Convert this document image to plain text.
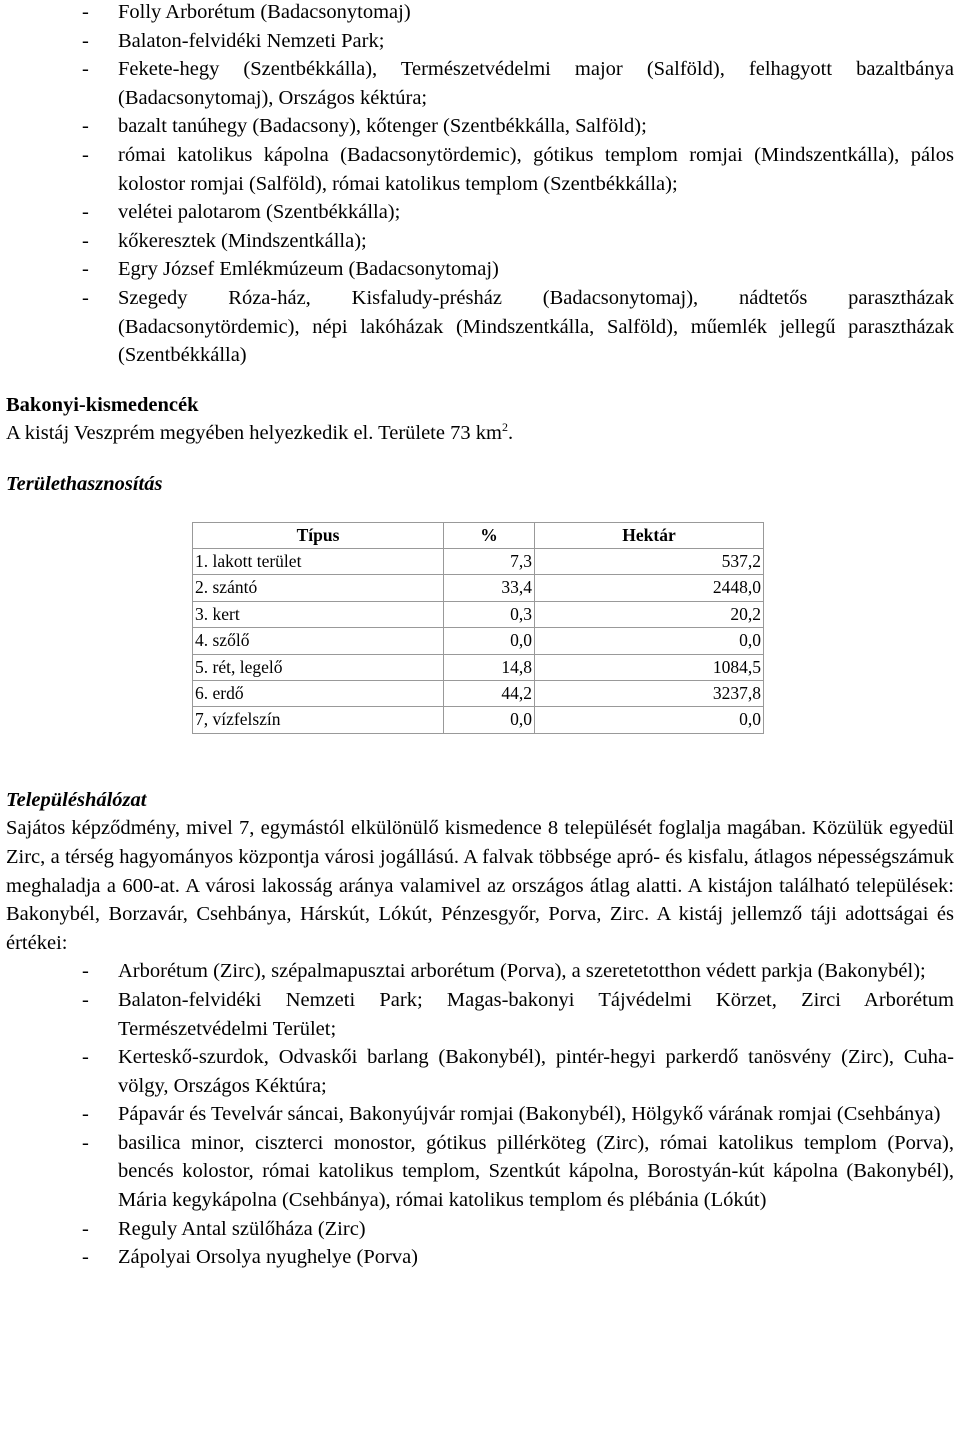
- Folly Arborétum (Badacsonytomaj)
- Balaton-felvidéki Nemzeti Park;
- Fekete-hegy (Szentbékkálla), Természetvédelmi major (Salföld), felhagyott bazaltbánya (Badacsonytomaj), Országos kéktúra;
- bazalt tanúhegy (Badacsony), kőtenger (Szentbékkálla, Salföld);
- római katolikus kápolna (Badacsonytördemic), gótikus templom romjai (Mindszentkálla), pálos kolostor romjai (Salföld), római katolikus templom (Szentbékkálla);
- velétei palotarom (Szentbékkálla);
- kőkeresztek (Mindszentkálla);
- Egry József Emlékmúzeum (Badacsonytomaj)
- Szegedy Róza-ház, Kisfaludy-présház (Badacsonytomaj), nádtetős parasztházak (Badacsonytördemic), népi lakóházak (Mindszentkálla, Salföld), műemlék jellegű parasztházak (Szentbékkálla)
Bakonyi-kismedencék

A kistáj Veszprém megyében helyezkedik el. Területe 73 $km^2$.

Területhasznosítás
Típus	%	Hektár
1. lakott terület	7,3	537,2
2. szántó	33,4	2448,0
3. kert	0,3	20,2
4. szőlő	0,0	0,0
5. rét, legelő	14,8	1084,5
6. erdő	44,2	3237,8
7, vízfelszín	0,0	0,0
Településhálózat

Sajátos képződmény, mivel 7, egymástól elkülönülő kismedence 8 települését foglalja magában. Közülük egyedül Zirc, a térség hagyományos központja városi jogállású. A falvak többsége apró- és kisfalu, átlagos népességszámuk meghaladja a 600-at. A városi lakosság aránya valamivel az országos átlag alatti. A kistájon található települések: Bakonybél, Borzavár, Csehbánya, Hárskút, Lókút, Pénzesgyőr, Porva, Zirc. A kistáj jellemző táji adottságai és értékei:

- Arborétum (Zirc), szépalmapusztai arborétum (Porva), a szeretetotthon védett parkja (Bakonybél);
- Balaton-felvidéki Nemzeti Park; Magas-bakonyi Tájvédelmi Körzet, Zirci Arborétum Természetvédelmi Terület;
- Kerteskő-szurdok, Odvaskői barlang (Bakonybél), pintér-hegyi parkerdő tanösvény (Zirc), Cuha-völgy, Országos Kéktúra;
- Pápavár és Tevelvár sáncai, Bakonyújvár romjai (Bakonybél), Hölgykő várának romjai (Csehbánya)
- basilica minor, ciszterci monostor, gótikus pillérköteg (Zirc), római katolikus templom (Porva), bencés kolostor, római katolikus templom, Szentkút kápolna, Borostyán-kút kápolna (Bakonybél), Mária kegykápolna (Csehbánya), római katolikus templom és plébánia (Lókút)
- Reguly Antal szülőháza (Zirc)
- Zápolyai Orsolya nyughelye (Porva)
